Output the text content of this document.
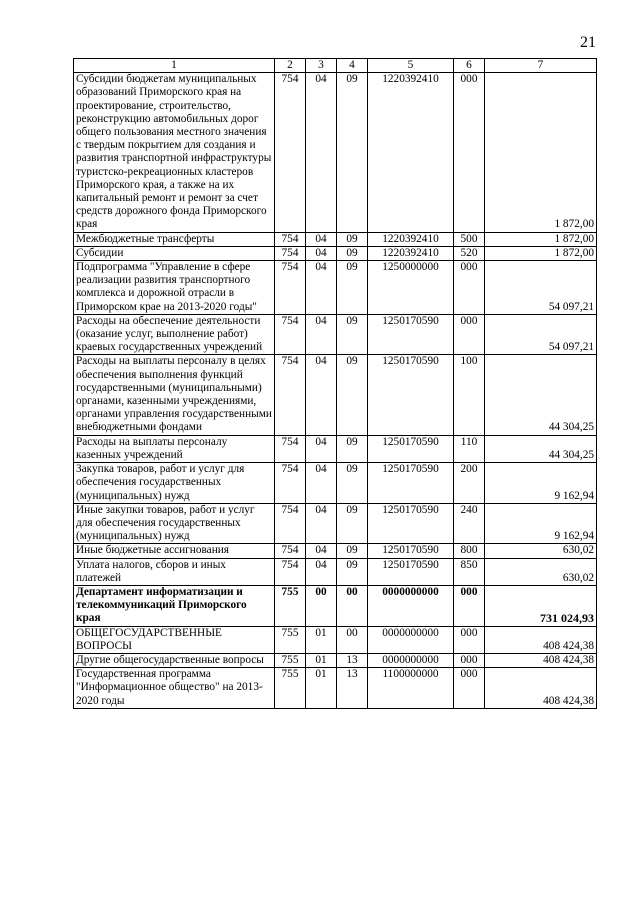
21
1	2	3	4	5	6	7
Субсидии бюджетам муниципальных образований Приморского края на проектирование, строительство, реконструкцию автомобильных дорог общего пользования местного значения с твердым покрытием для создания и развития транспортной инфраструктуры туристско-рекреационных кластеров Приморского края, а также на их капитальный ремонт и ремонт за счет средств дорожного фонда Приморского края	754	04	09	1220392410	000	1 872,00
Межбюджетные трансферты	754	04	09	1220392410	500	1 872,00
Субсидии	754	04	09	1220392410	520	1 872,00
Подпрограмма "Управление в сфере реализации развития транспортного комплекса и дорожной отрасли в Приморском крае на 2013-2020 годы"	754	04	09	1250000000	000	54 097,21
Расходы на обеспечение деятельности (оказание услуг, выполнение работ) краевых государственных учреждений	754	04	09	1250170590	000	54 097,21
Расходы на выплаты персоналу в целях обеспечения выполнения функций государственными (муниципальными) органами, казенными учреждениями, органами управления государственными внебюджетными фондами	754	04	09	1250170590	100	44 304,25
Расходы на выплаты персоналу казенных учреждений	754	04	09	1250170590	110	44 304,25
Закупка товаров, работ и услуг для обеспечения государственных (муниципальных) нужд	754	04	09	1250170590	200	9 162,94
Иные закупки товаров, работ и услуг для обеспечения государственных (муниципальных) нужд	754	04	09	1250170590	240	9 162,94
Иные бюджетные ассигнования	754	04	09	1250170590	800	630,02
Уплата налогов, сборов и иных платежей	754	04	09	1250170590	850	630,02
Департамент информатизации и телекоммуникаций Приморского края	755	00	00	0000000000	000	731 024,93
ОБЩЕГОСУДАРСТВЕННЫЕ ВОПРОСЫ	755	01	00	0000000000	000	408 424,38
Другие общегосударственные вопросы	755	01	13	0000000000	000	408 424,38
Государственная программа "Информационное общество" на 2013-2020 годы	755	01	13	1100000000	000	408 424,38
